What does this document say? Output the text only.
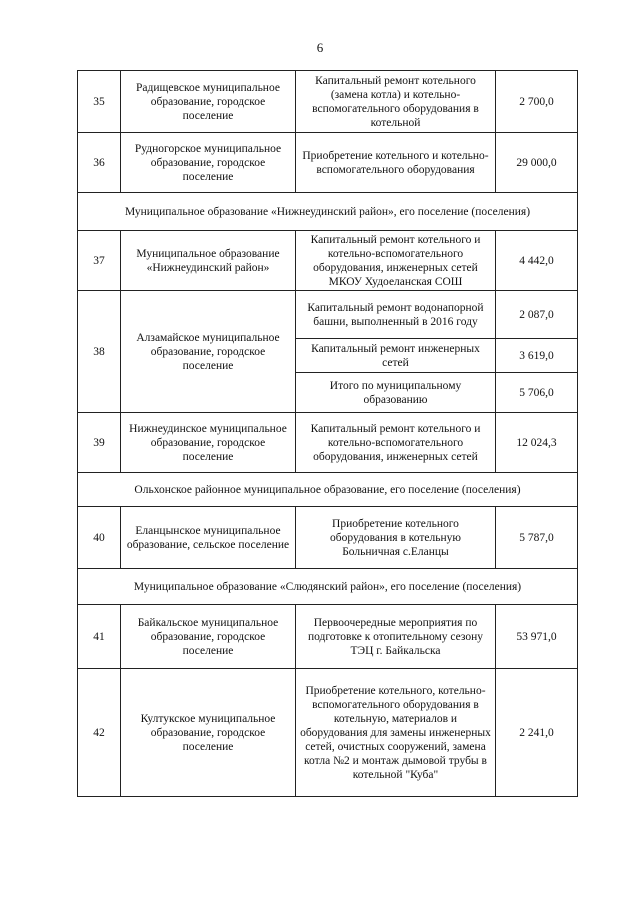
6
35	Радищевское муниципальное образование, городское поселение	Капитальный ремонт котельного (замена котла) и котельно-вспомогательного оборудования в котельной	2 700,0
36	Рудногорское муниципальное образование, городское поселение	Приобретение котельного и котельно-вспомогательного оборудования	29 000,0
Муниципальное образование «Нижнеудинский район», его поселение (поселения)			
37	Муниципальное образование «Нижнеудинский район»	Капитальный ремонт котельного и котельно-вспомогательного оборудования, инженерных сетей МКОУ Худоеланская СОШ	4 442,0
38	Алзамайское муниципальное образование, городское поселение	Капитальный ремонт водонапорной башни, выполненный в 2016 году	2 087,0
		Капитальный ремонт инженерных сетей	3 619,0
		Итого по муниципальному образованию	5 706,0
39	Нижнеудинское муниципальное образование, городское поселение	Капитальный ремонт котельного и котельно-вспомогательного оборудования, инженерных сетей	12 024,3
Ольхонское районное муниципальное образование, его поселение (поселения)			
40	Еланцынское муниципальное образование, сельское поселение	Приобретение котельного оборудования в котельную Больничная с.Еланцы	5 787,0
Муниципальное образование «Слюдянский район», его поселение (поселения)			
41	Байкальское муниципальное образование, городское поселение	Первоочередные мероприятия по подготовке к отопительному сезону ТЭЦ г. Байкальска	53 971,0
42	Култукское муниципальное образование, городское поселение	Приобретение котельного, котельно-вспомогательного оборудования в котельную, материалов и оборудования для замены инженерных сетей, очистных сооружений, замена котла №2 и монтаж дымовой трубы в котельной "Куба"	2 241,0
